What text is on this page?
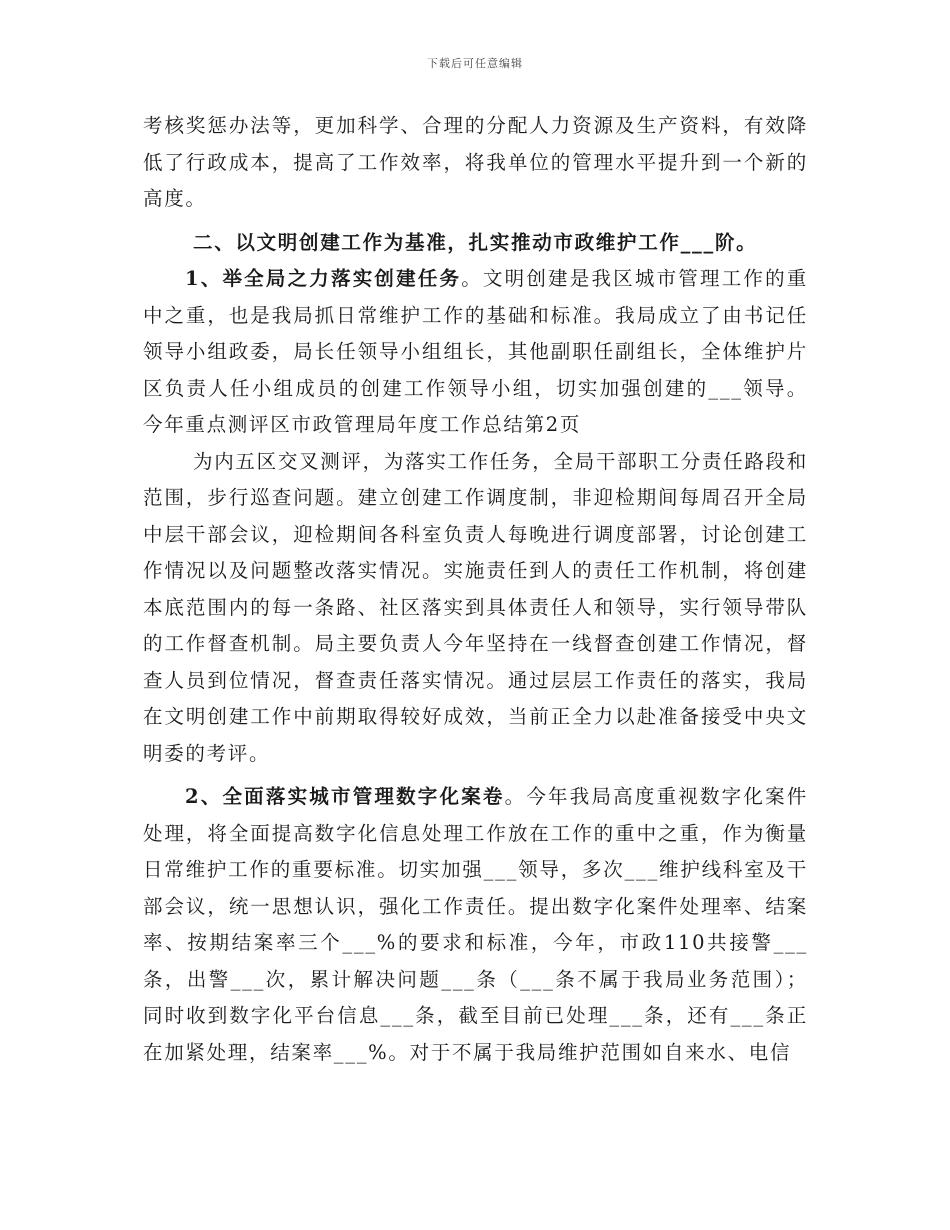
下载后可任意编辑

考核奖惩办法等，更加科学、合理的分配人力资源及生产资料，有效降低了行政成本，提高了工作效率，将我单位的管理水平提升到一个新的高度。

二、以文明创建工作为基准，扎实推动市政维护工作___阶。

1、举全局之力落实创建任务。文明创建是我区城市管理工作的重中之重，也是我局抓日常维护工作的基础和标准。我局成立了由书记任领导小组政委，局长任领导小组组长，其他副职任副组长，全体维护片区负责人任小组成员的创建工作领导小组，切实加强创建的___领导。今年重点测评区市政管理局年度工作总结第2页

为内五区交叉测评，为落实工作任务，全局干部职工分责任路段和范围，步行巡查问题。建立创建工作调度制，非迎检期间每周召开全局中层干部会议，迎检期间各科室负责人每晚进行调度部署，讨论创建工作情况以及问题整改落实情况。实施责任到人的责任工作机制，将创建本底范围内的每一条路、社区落实到具体责任人和领导，实行领导带队的工作督查机制。局主要负责人今年坚持在一线督查创建工作情况，督查人员到位情况，督查责任落实情况。通过层层工作责任的落实，我局在文明创建工作中前期取得较好成效，当前正全力以赴准备接受中央文明委的考评。

2、全面落实城市管理数字化案卷。今年我局高度重视数字化案件处理，将全面提高数字化信息处理工作放在工作的重中之重，作为衡量日常维护工作的重要标准。切实加强___领导，多次___维护线科室及干部会议，统一思想认识，强化工作责任。提出数字化案件处理率、结案率、按期结案率三个___%的要求和标准，今年，市政110共接警___条，出警___次，累计解决问题___条（___条不属于我局业务范围）；同时收到数字化平台信息___条，截至目前已处理___条，还有___条正在加紧处理，结案率___%。对于不属于我局维护范围如自来水、电信
